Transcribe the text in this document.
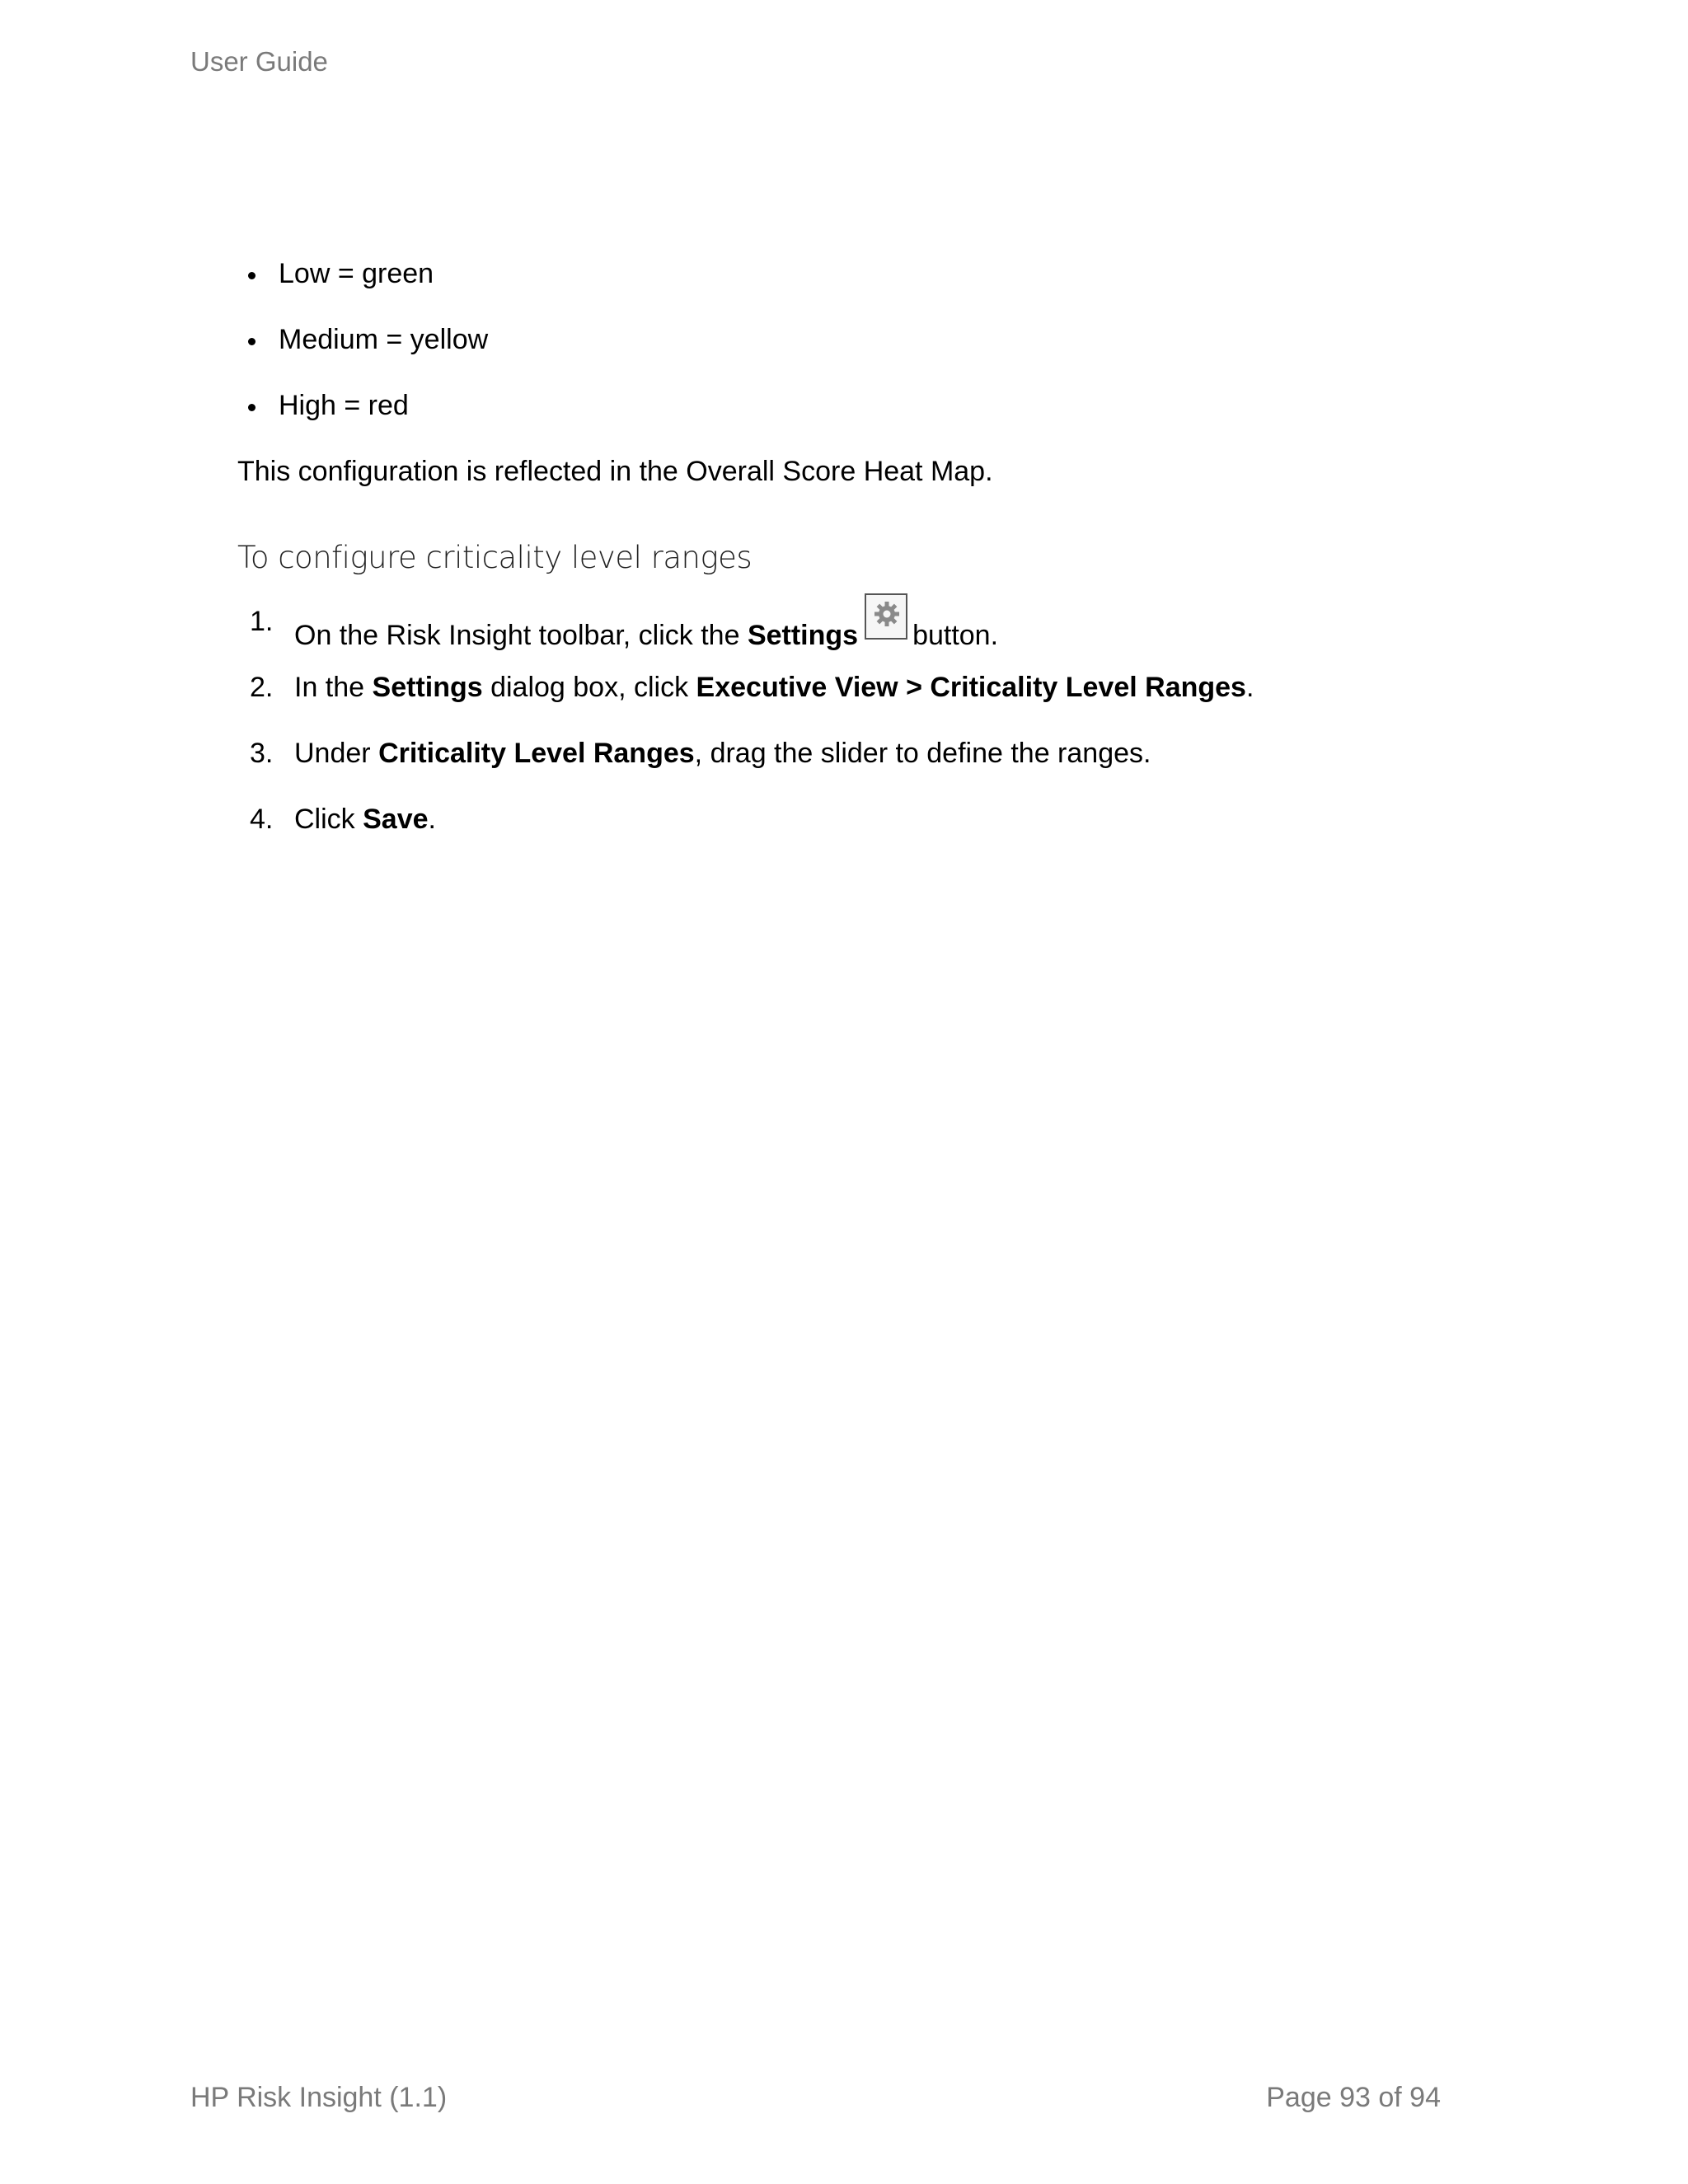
User Guide
Low = green
Medium = yellow
High = red

This configuration is reflected in the Overall Score Heat Map.

To configure criticality level ranges
1. On the Risk Insight toolbar, click the Settings button.
2. In the Settings dialog box, click Executive View > Criticality Level Ranges.
3. Under Criticality Level Ranges, drag the slider to define the ranges.
4. Click Save.
HP Risk Insight (1.1)	Page 93 of 94
